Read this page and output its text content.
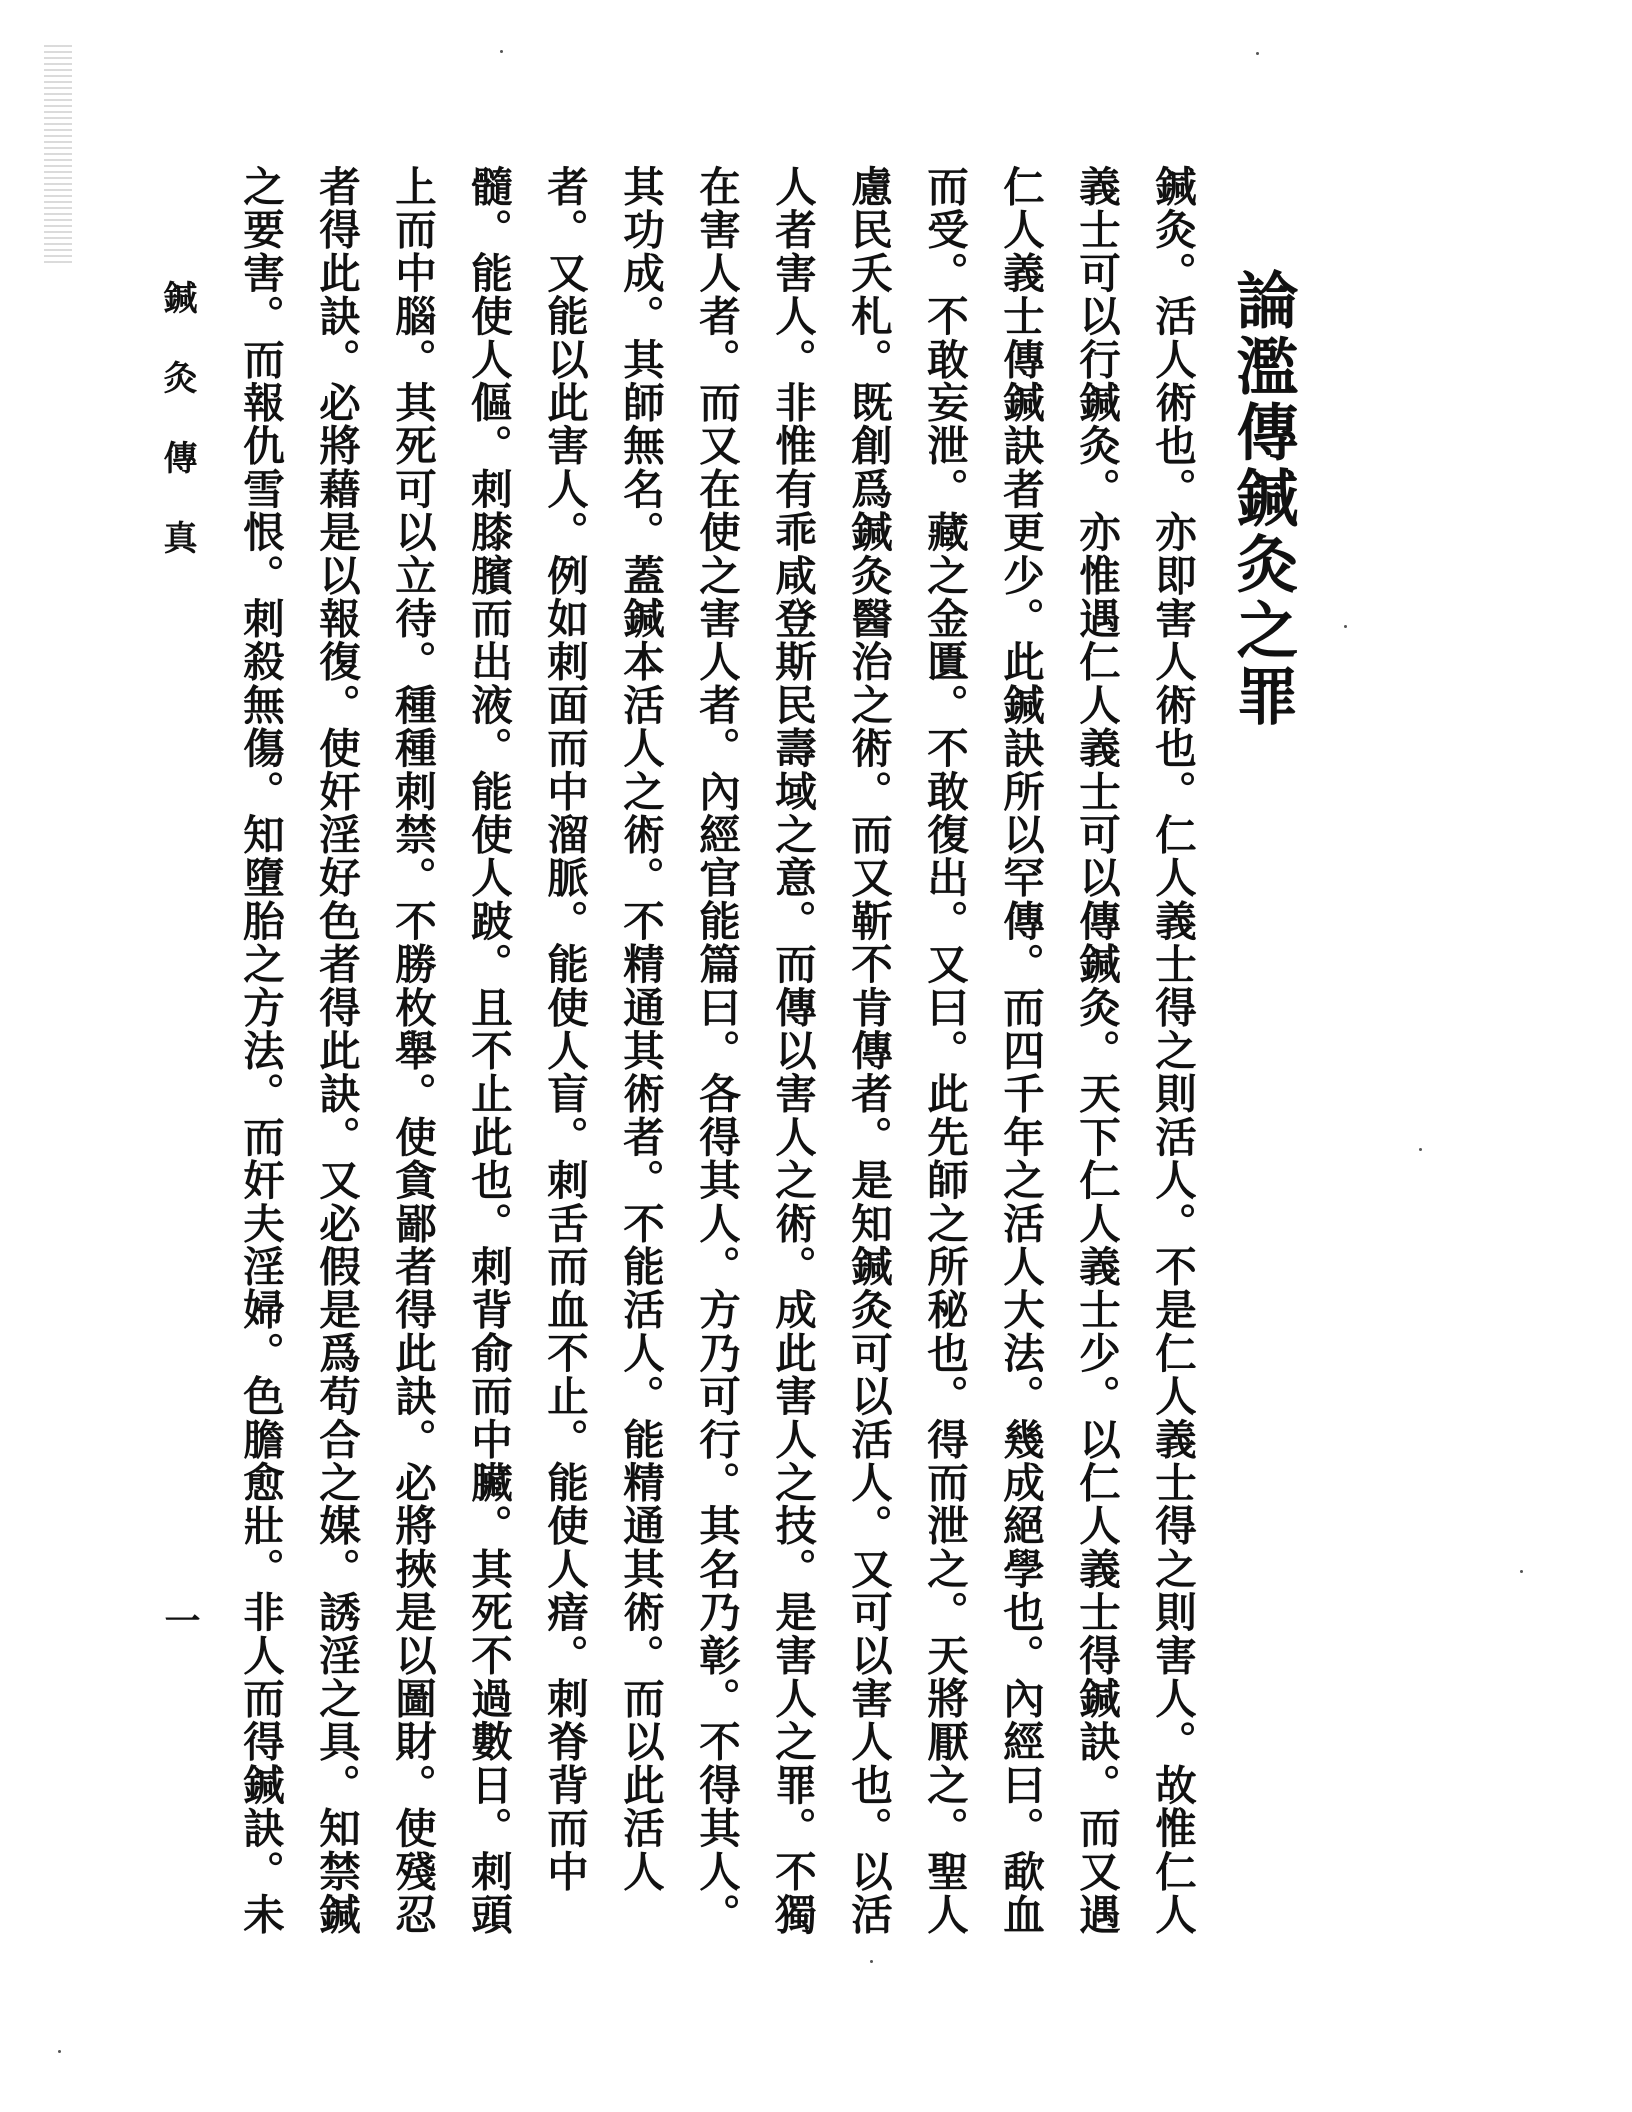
論濫傳鍼灸之罪

鍼灸。活人術也。亦即害人術也。仁人義士得之則活人。不是仁人義士得之則害人。故惟仁人義士可以行鍼灸。亦惟遇仁人義士可以傳鍼灸。天下仁人義士少。以仁人義士得鍼訣。而又遇仁人義士傳鍼訣者更少。此鍼訣所以罕傳。而四千年之活人大法。幾成絕學也。內經曰。歃血而受。不敢妄泄。藏之金匱。不敢復出。又曰。此先師之所秘也。得而泄之。天將厭之。聖人慮民夭札。既創爲鍼灸醫治之術。而又靳不肯傳者。是知鍼灸可以活人。又可以害人也。以活人者害人。非惟有乖咸登斯民壽域之意。而傳以害人之術。成此害人之技。是害人之罪。不獨在害人者。而又在使之害人者。內經官能篇曰。各得其人。方乃可行。其名乃彰。不得其人。其功成。其師無名。蓋鍼本活人之術。不精通其術者。不能活人。能精通其術。而以此活人者。又能以此害人。例如刺面而中溜脈。能使人盲。刺舌而血不止。能使人瘖。刺脊背而中髓。能使人傴。刺膝臏而出液。能使人跛。且不止此也。刺背俞而中臟。其死不過數日。刺頭上而中腦。其死可以立待。種種刺禁。不勝枚舉。使貪鄙者得此訣。必將挾是以圖財。使殘忍者得此訣。必將藉是以報復。使奸淫好色者得此訣。又必假是爲苟合之媒。誘淫之具。知禁鍼之要害。而報仇雪恨。刺殺無傷。知墮胎之方法。而奸夫淫婦。色膽愈壯。非人而得鍼訣。未

鍼灸傳真
一
